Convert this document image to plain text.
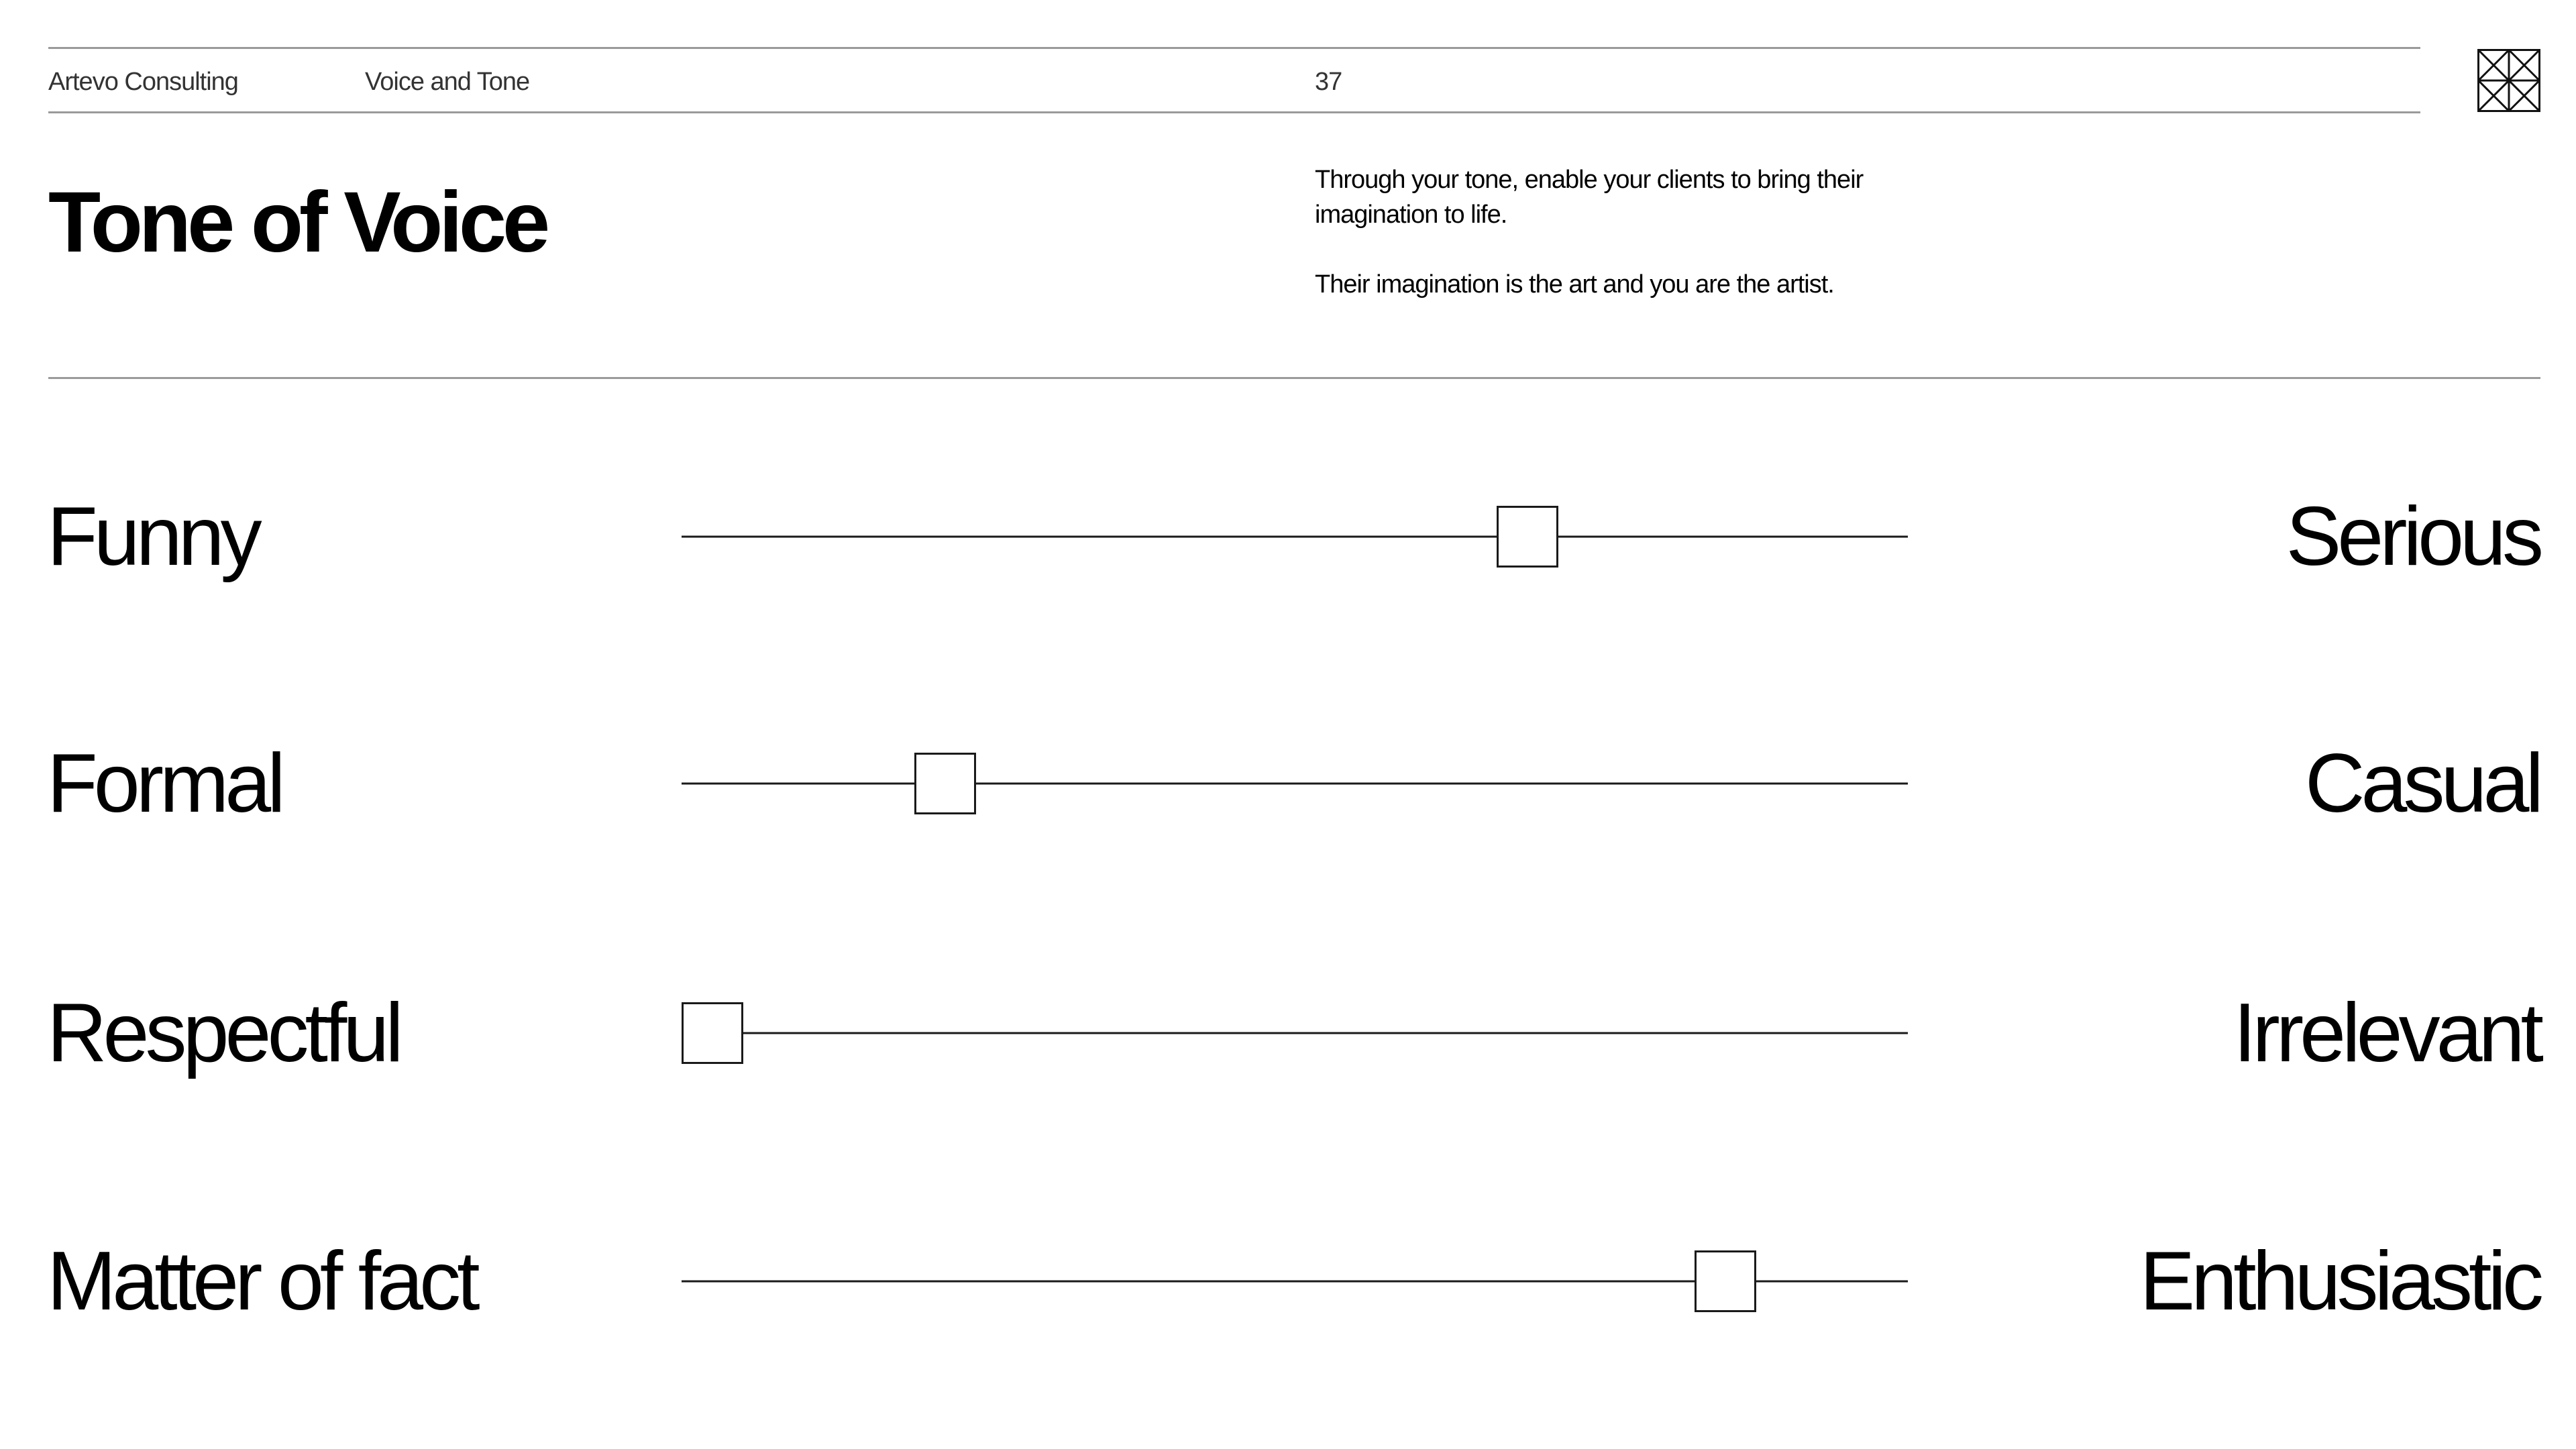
Artevo Consulting	Voice and Tone	37
Tone of Voice	Through your tone, enable your clients to bring their imagination to life.

Their imagination is the art and you are the artist.

Funny	Serious
Formal	Casual
Respectful	Irrelevant
Matter of fact	Enthusiastic
